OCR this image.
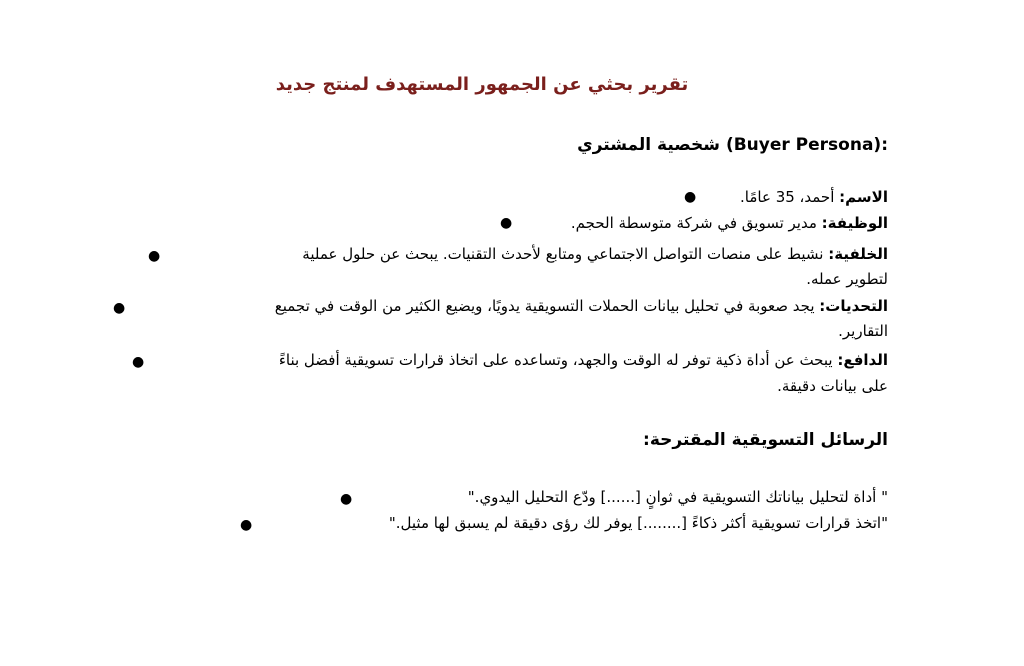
تقرير بحثي عن الجمهور المستهدف لمنتج جديد
شخصية المشتري (Buyer Persona):
●	الاسم: أحمد، 35 عامًا.
●	الوظيفة: مدير تسويق في شركة متوسطة الحجم.
●	الخلفية: نشيط على منصات التواصل الاجتماعي ومتابع لأحدث التقنيات. يبحث عن حلول عملية
لتطوير عمله.
●	التحديات: يجد صعوبة في تحليل بيانات الحملات التسويقية يدويًا، ويضيع الكثير من الوقت في تجميع
التقارير.
●	الدافع: يبحث عن أداة ذكية توفر له الوقت والجهد، وتساعده على اتخاذ قرارات تسويقية أفضل بناءً
على بيانات دقيقة.
الرسائل التسويقية المقترحة:
●	" أداة لتحليل بياناتك التسويقية في ثوانٍ [......] ودّع التحليل اليدوي."
●	"اتخذ قرارات تسويقية أكثر ذكاءً [........] يوفر لك رؤى دقيقة لم يسبق لها مثيل."
